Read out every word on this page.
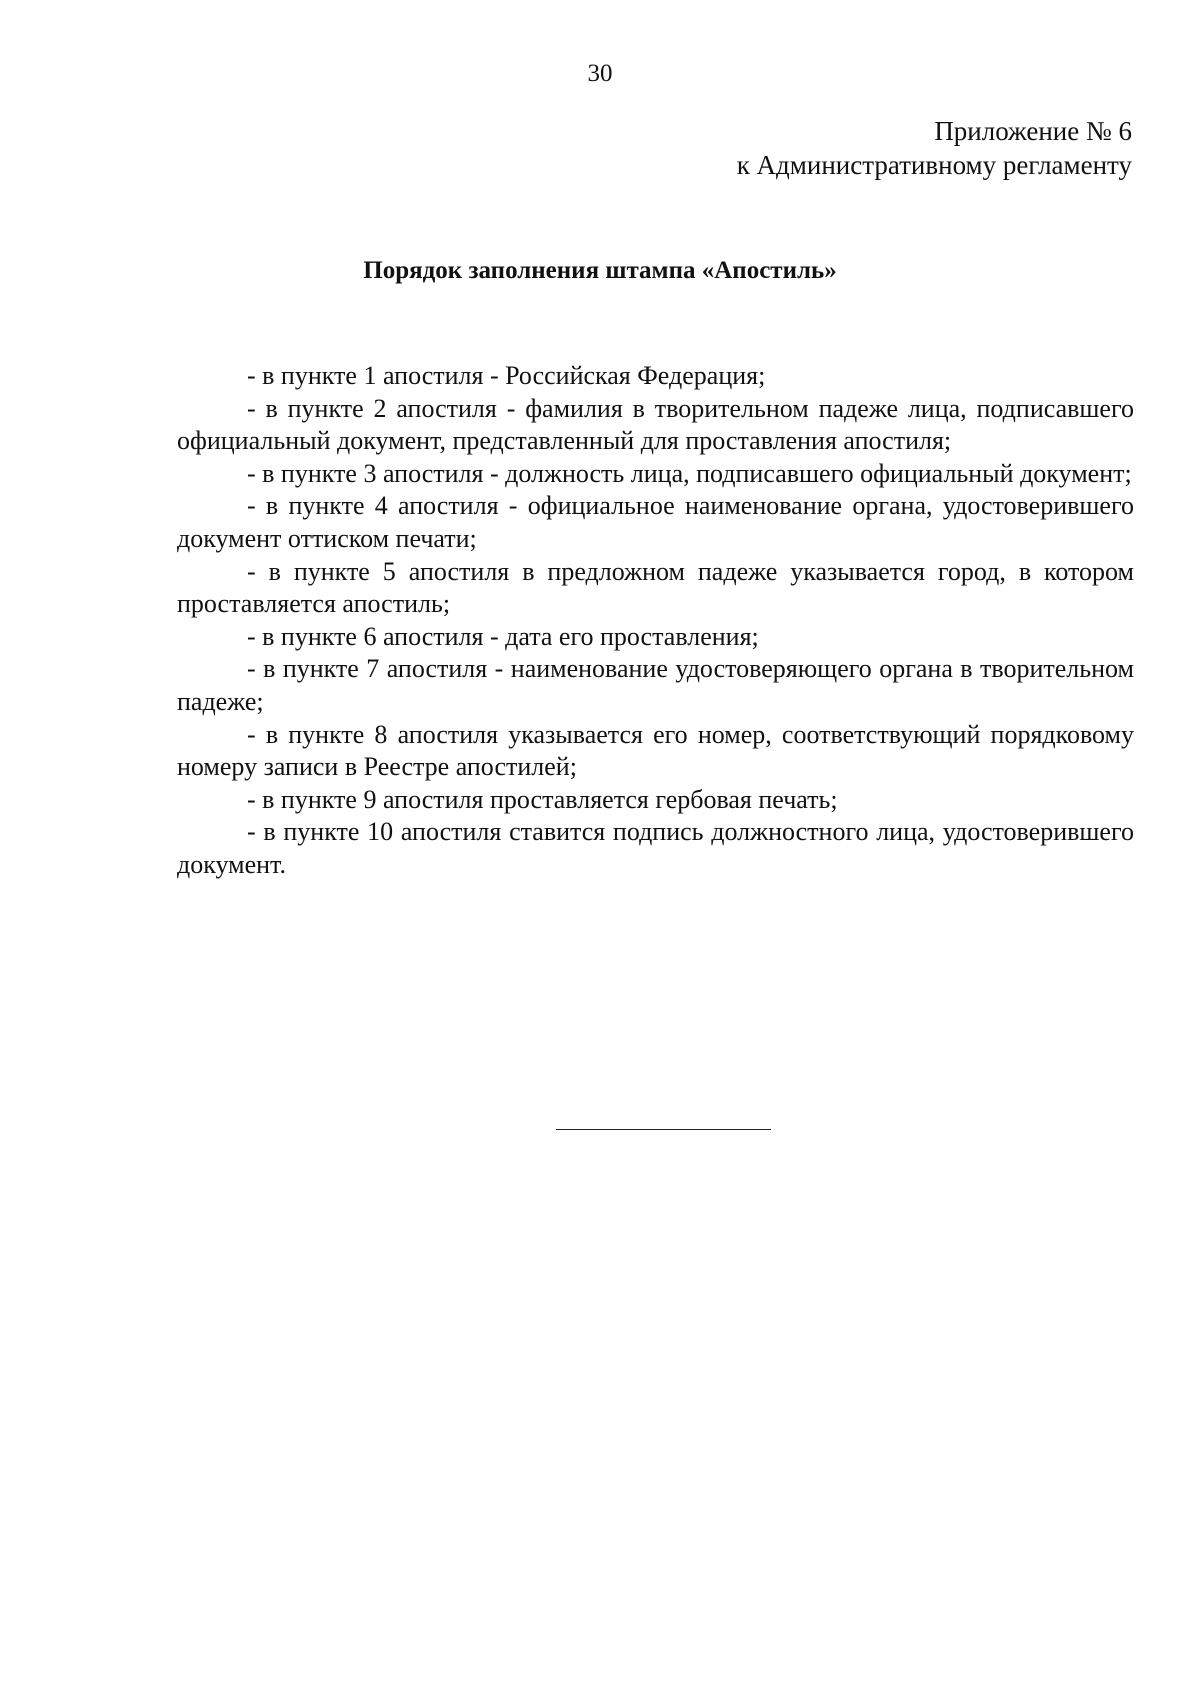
30
Приложение № 6
к Административному регламенту
Порядок заполнения штампа «Апостиль»

- в пункте 1 апостиля - Российская Федерация;

- в пункте 2 апостиля - фамилия в творительном падеже лица, подписавшего официальный документ, представленный для проставления апостиля;

- в пункте 3 апостиля - должность лица, подписавшего официальный документ;

- в пункте 4 апостиля - официальное наименование органа, удостоверившего документ оттиском печати;

- в пункте 5 апостиля в предложном падеже указывается город, в котором проставляется апостиль;

- в пункте 6 апостиля - дата его проставления;

- в пункте 7 апостиля - наименование удостоверяющего органа в творительном падеже;

- в пункте 8 апостиля указывается его номер, соответствующий порядковому номеру записи в Реестре апостилей;

- в пункте 9 апостиля проставляется гербовая печать;

- в пункте 10 апостиля ставится подпись должностного лица, удостоверившего документ.
